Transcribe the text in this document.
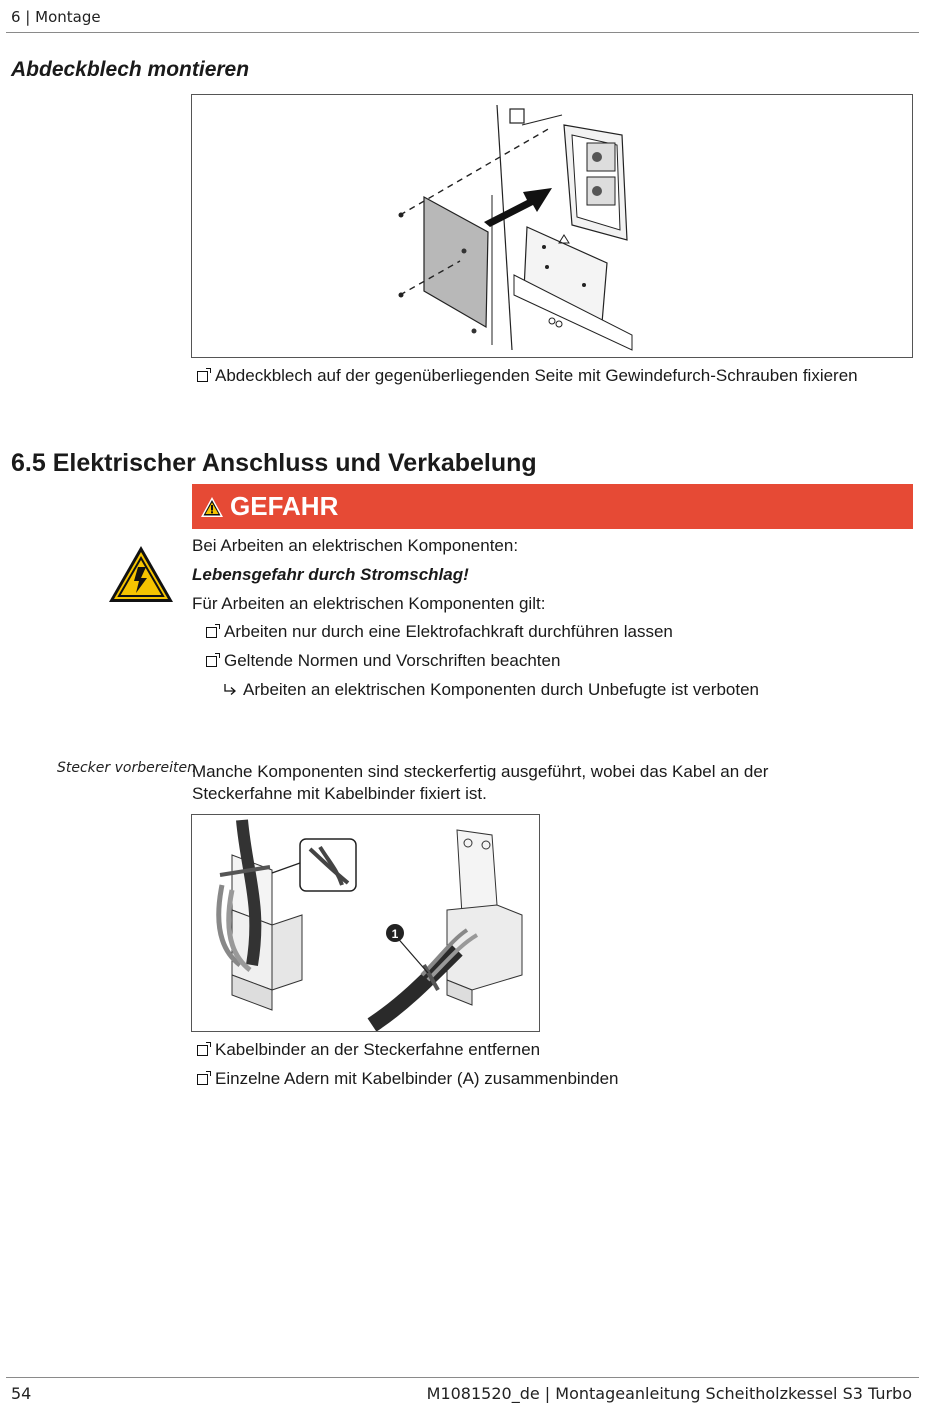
6 | Montage
Abdeckblech montieren
Abdeckblech auf der gegenüberliegenden Seite mit Gewindefurch-Schrauben fixieren
6.5 Elektrischer Anschluss und Verkabelung
GEFAHR
Bei Arbeiten an elektrischen Komponenten:
Lebensgefahr durch Stromschlag!
Für Arbeiten an elektrischen Komponenten gilt:
Arbeiten nur durch eine Elektrofachkraft durchführen lassen
Geltende Normen und Vorschriften beachten
Arbeiten an elektrischen Komponenten durch Unbefugte ist verboten
Stecker vorbereiten
Manche Komponenten sind steckerfertig ausgeführt, wobei das Kabel an der
Steckerfahne mit Kabelbinder fixiert ist.
1
Kabelbinder an der Steckerfahne entfernen
Einzelne Adern mit Kabelbinder (A) zusammenbinden
54	M1081520_de | Montageanleitung Scheitholzkessel S3 Turbo
